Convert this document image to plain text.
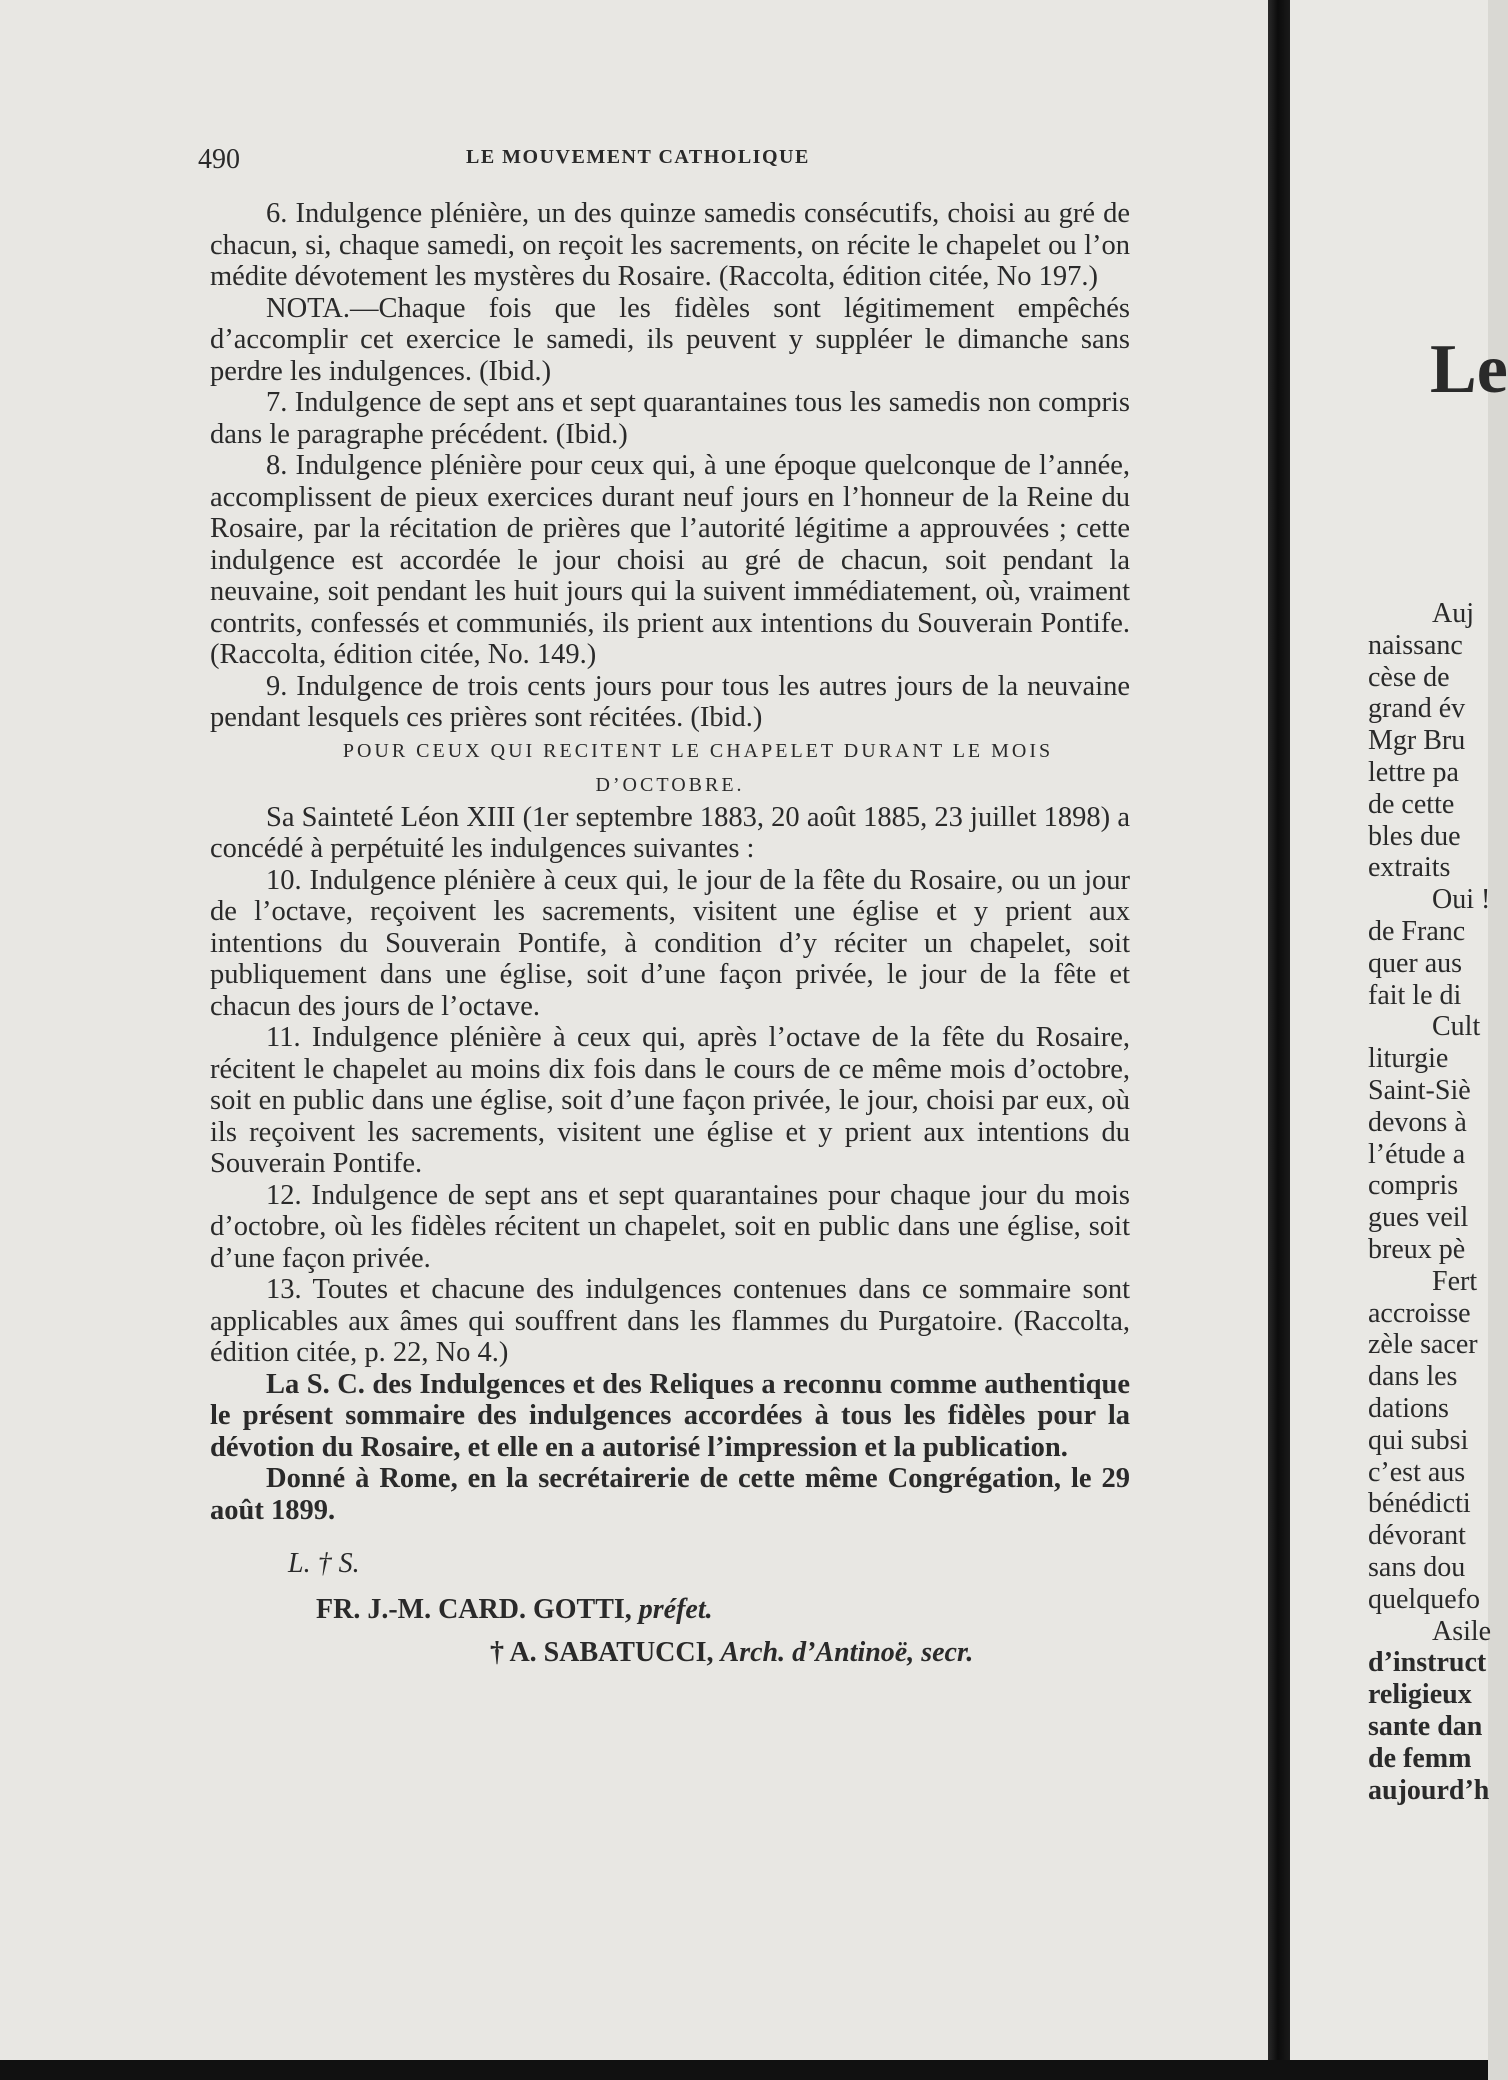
490	LE MOUVEMENT CATHOLIQUE

6. Indulgence plénière, un des quinze samedis consécutifs, choisi au gré de chacun, si, chaque samedi, on reçoit les sacrements, on récite le chapelet ou l’on médite dévotement les mystères du Rosaire. (Raccolta, édition citée, No 197.)

NOTA.—Chaque fois que les fidèles sont légitimement empêchés d’accomplir cet exercice le samedi, ils peuvent y suppléer le dimanche sans perdre les indulgences. (Ibid.)

7. Indulgence de sept ans et sept quarantaines tous les samedis non compris dans le paragraphe précédent. (Ibid.)

8. Indulgence plénière pour ceux qui, à une époque quelconque de l’année, accomplissent de pieux exercices durant neuf jours en l’honneur de la Reine du Rosaire, par la récitation de prières que l’autorité légitime a approuvées ; cette indulgence est accordée le jour choisi au gré de chacun, soit pendant la neuvaine, soit pendant les huit jours qui la suivent immédiatement, où, vraiment contrits, confessés et communiés, ils prient aux intentions du Souverain Pontife. (Raccolta, édition citée, No. 149.)

9. Indulgence de trois cents jours pour tous les autres jours de la neuvaine pendant lesquels ces prières sont récitées. (Ibid.)

POUR CEUX QUI RECITENT LE CHAPELET DURANT LE MOIS D’OCTOBRE.

Sa Sainteté Léon XIII (1er septembre 1883, 20 août 1885, 23 juillet 1898) a concédé à perpétuité les indulgences suivantes :

10. Indulgence plénière à ceux qui, le jour de la fête du Rosaire, ou un jour de l’octave, reçoivent les sacrements, visitent une église et y prient aux intentions du Souverain Pontife, à condition d’y réciter un chapelet, soit publiquement dans une église, soit d’une façon privée, le jour de la fête et chacun des jours de l’octave.

11. Indulgence plénière à ceux qui, après l’octave de la fête du Rosaire, récitent le chapelet au moins dix fois dans le cours de ce même mois d’octobre, soit en public dans une église, soit d’une façon privée, le jour, choisi par eux, où ils reçoivent les sacrements, visitent une église et y prient aux intentions du Souverain Pontife.

12. Indulgence de sept ans et sept quarantaines pour chaque jour du mois d’octobre, où les fidèles récitent un chapelet, soit en public dans une église, soit d’une façon privée.

13. Toutes et chacune des indulgences contenues dans ce sommaire sont applicables aux âmes qui souffrent dans les flammes du Purgatoire. (Raccolta, édition citée, p. 22, No 4.)

La S. C. des Indulgences et des Reliques a reconnu comme authentique le présent sommaire des indulgences accordées à tous les fidèles pour la dévotion du Rosaire, et elle en a autorisé l’impression et la publication.

Donné à Rome, en la secrétairerie de cette même Congrégation, le 29 août 1899.

L. † S.
FR. J.-M. CARD. GOTTI, préfet.
† A. SABATUCCI, Arch. d’Antinoë, secr.
Le
Auj
naissanc
cèse de
grand év
Mgr Bru
lettre pa
de cette
bles due
extraits
Oui !
de Franc
quer aus
fait le di
Cult
liturgie
Saint-Siè
devons à
l’étude a
compris
gues veil
breux pè
Fert
accroisse
zèle sacer
dans les
dations
qui subsi
c’est aus
bénédicti
dévorant
sans dou
quelquefo
Asile
d’instruct
religieux
sante dan
de femm
aujourd’h
